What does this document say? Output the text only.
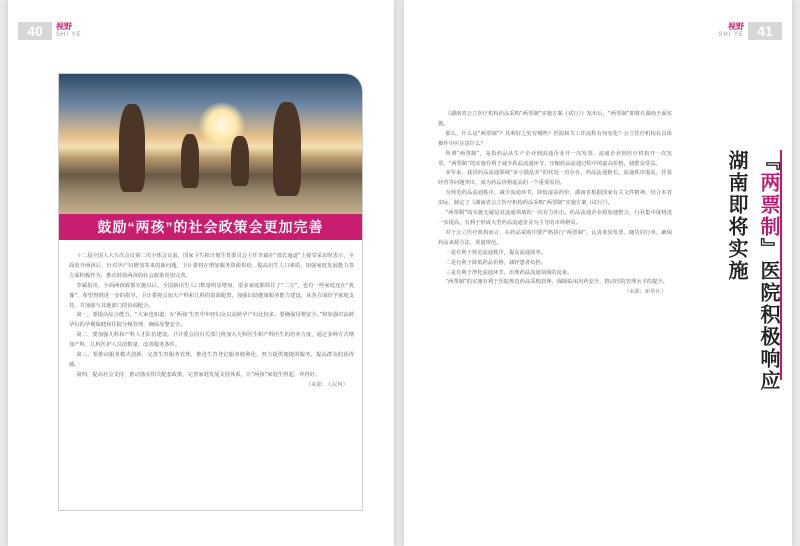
40	视野
SHI YE
鼓励“两孩”的社会政策会更加完善

十二届全国人大五次会议第二次全体会议前，国家卫生和计划生育委员会主任李斌在“部长通道”上接受采访时表示，全面放开两孩后，针对孕产妇增加等来的新问题，卫计委将在增加服务资源供给、提高出生人口素质、加强家庭发展能力等方面积极作为，推动鼓励两孩的社会政策更加完善。

李斌指出，全面两孩政策实施以后，全国新出生人口数量明显增加，很多家庭都抓住了“二宝”，也有一些家庭还在“犹豫”，希望得到进一步的指导。卫计委将会加大产科和儿科的资源配置，加强妇幼健康服务能力建设，从各方面给予家庭支持，并加强与其他部门的协调配合。

第一，要提高综合能力。“大家也知道，在‘两孩’生育中年轻妇女以高龄孕产妇比较多，要确保母婴安全。”将加强对高龄孕妇的孕期保健和住院分娩管理，确保母婴安全。

第二，要加强儿科和产科人才队伍建设。卫计委会同有关部门将加大儿科医生和产科医生的培养力度，通过多种方式增加产科、儿科医护人员的数量，改善服务条件。

第三，要推动服务模式创新，完善生育服务管理，推进生育登记服务便利化，努力提供便捷的服务，提高群众的获得感。

第四，提高社会支持，推动落实相关配套政策，完善家庭发展支持体系，让“两孩”家庭生得起、养得好。

（来源：人民网）
41
视野
SHI YE

《湖南省公立医疗机构药品采购“两票制”实施方案（试行）》发布后，“两票制”即将在湖南全面实施。

那么，什么是“两票制”？其利好之处有哪些？医院和关工作流程有何变化？公立医疗机构在具体操作中应注意什么？

所谓“两票制”，是指药品从生产企业到流通企业开一次发票，流通企业到医疗机构开一次发票。“两票制”的实施有利于减少药品流通环节，压缩药品流通过程中的虚高价格，使群众受益。

多年来，我国药品流通领域“多小散乱差”的状况一直存在，药品流通链长、流通秩序混乱，挂靠经营等问题突出，成为药品价格虚高的一个重要原因。

为规范药品流通秩序，减少流通环节，降低虚高药价，湖南省根据国家有关文件精神，结合本省实际，制定了《湖南省公立医疗机构药品采购“两票制”实施方案（试行）》。

“两票制”的实施无疑是对流通领域的一次有力冲击。药品流通企业将加速整合，行业集中度将进一步提高，有利于形成大型药品流通企业为主导的市场格局。

对于公立医疗机构而言，在药品采购中要严格执行“两票制”，认真查验发票、随货同行单，确保药品来源合法、渠道规范。

一是有利于规范流通秩序，提高流通效率。

二是有利于降低药品价格，减轻患者负担。

三是有利于净化流通环节，治理药品流通领域的乱象。

“两票制”的实施有利于医院规范药品采购管理，保障临床用药安全，推动医院管理水平的提升。

（来源：新华社）
湖南即将实施 『两票制』医院积极响应
